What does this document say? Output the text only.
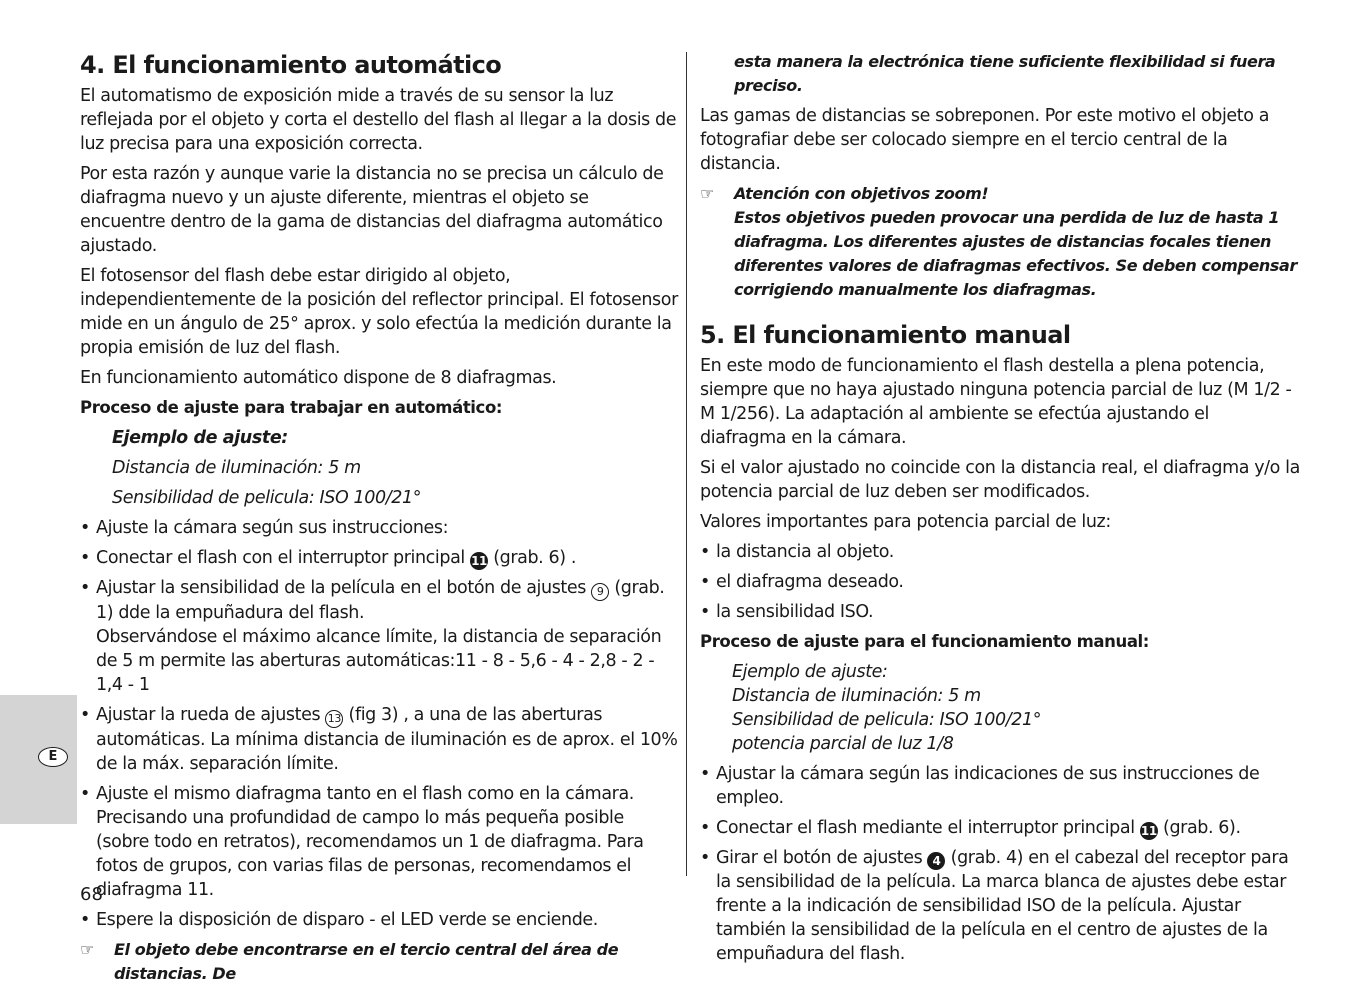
E
4. El funcionamiento automático

El automatismo de exposición mide a través de su sensor la luz reflejada por el objeto y corta el destello del flash al llegar a la dosis de luz precisa para una exposición correcta.

Por esta razón y aunque varie la distancia no se precisa un cálculo de diafragma nuevo y un ajuste diferente, mientras el objeto se encuentre dentro de la gama de distancias del diafragma automático ajustado.

El fotosensor del flash debe estar dirigido al objeto, independientemente de la posición del reflector principal. El fotosensor mide en un ángulo de 25° aprox. y solo efectúa la medición durante la propia emisión de luz del flash.

En funcionamiento automático dispone de 8 diafragmas.

Proceso de ajuste para trabajar en automático:

Ejemplo de ajuste:

Distancia de iluminación: 5 m

Sensibilidad de pelicula: ISO 100/21°

• Ajuste la cámara según sus instrucciones:
• Conectar el flash con el interruptor principal 11 (grab. 6) .
• Ajustar la sensibilidad de la película en el botón de ajustes 9 (grab. 1) dde la empuñadura del flash.
Observándose el máximo alcance límite, la distancia de separación de 5 m permite las aberturas automáticas:11 - 8 - 5,6 - 4 - 2,8 - 2 - 1,4 - 1
• Ajustar la rueda de ajustes 13 (fig 3) , a una de las aberturas automáticas. La mínima distancia de iluminación es de aprox. el 10% de la máx. separación límite.
• Ajuste el mismo diafragma tanto en el flash como en la cámara. Precisando una profundidad de campo lo más pequeña posible (sobre todo en retratos), recomendamos un 1 de diafragma. Para fotos de grupos, con varias filas de personas, recomendamos el diafragma 11.
• Espere la disposición de disparo - el LED verde se enciende.
☞ El objeto debe encontrarse en el tercio central del área de distancias. De
esta manera la electrónica tiene suficiente flexibilidad si fuera preciso.

Las gamas de distancias se sobreponen. Por este motivo el objeto a fotografiar debe ser colocado siempre en el tercio central de la distancia.

☞ Atención con objetivos zoom!
Estos objetivos pueden provocar una perdida de luz de hasta 1 diafragma. Los diferentes ajustes de distancias focales tienen diferentes valores de diafragmas efectivos. Se deben compensar corrigiendo manualmente los diafragmas.
5. El funcionamiento manual

En este modo de funcionamiento el flash destella a plena potencia, siempre que no haya ajustado ninguna potencia parcial de luz (M 1/2 - M 1/256). La adaptación al ambiente se efectúa ajustando el diafragma en la cámara.

Si el valor ajustado no coincide con la distancia real, el diafragma y/o la potencia parcial de luz deben ser modificados.

Valores importantes para potencia parcial de luz:

• la distancia al objeto.
• el diafragma deseado.
• la sensibilidad ISO.

Proceso de ajuste para el funcionamiento manual:

Ejemplo de ajuste:
Distancia de iluminación: 5 m
Sensibilidad de pelicula: ISO 100/21°
potencia parcial de luz 1/8

• Ajustar la cámara según las indicaciones de sus instrucciones de empleo.
• Conectar el flash mediante el interruptor principal 11 (grab. 6).
• Girar el botón de ajustes 4 (grab. 4) en el cabezal del receptor para la sensibilidad de la película. La marca blanca de ajustes debe estar frente a la indicación de sensibilidad ISO de la película. Ajustar también la sensibilidad de la película en el centro de ajustes de la empuñadura del flash.
68
